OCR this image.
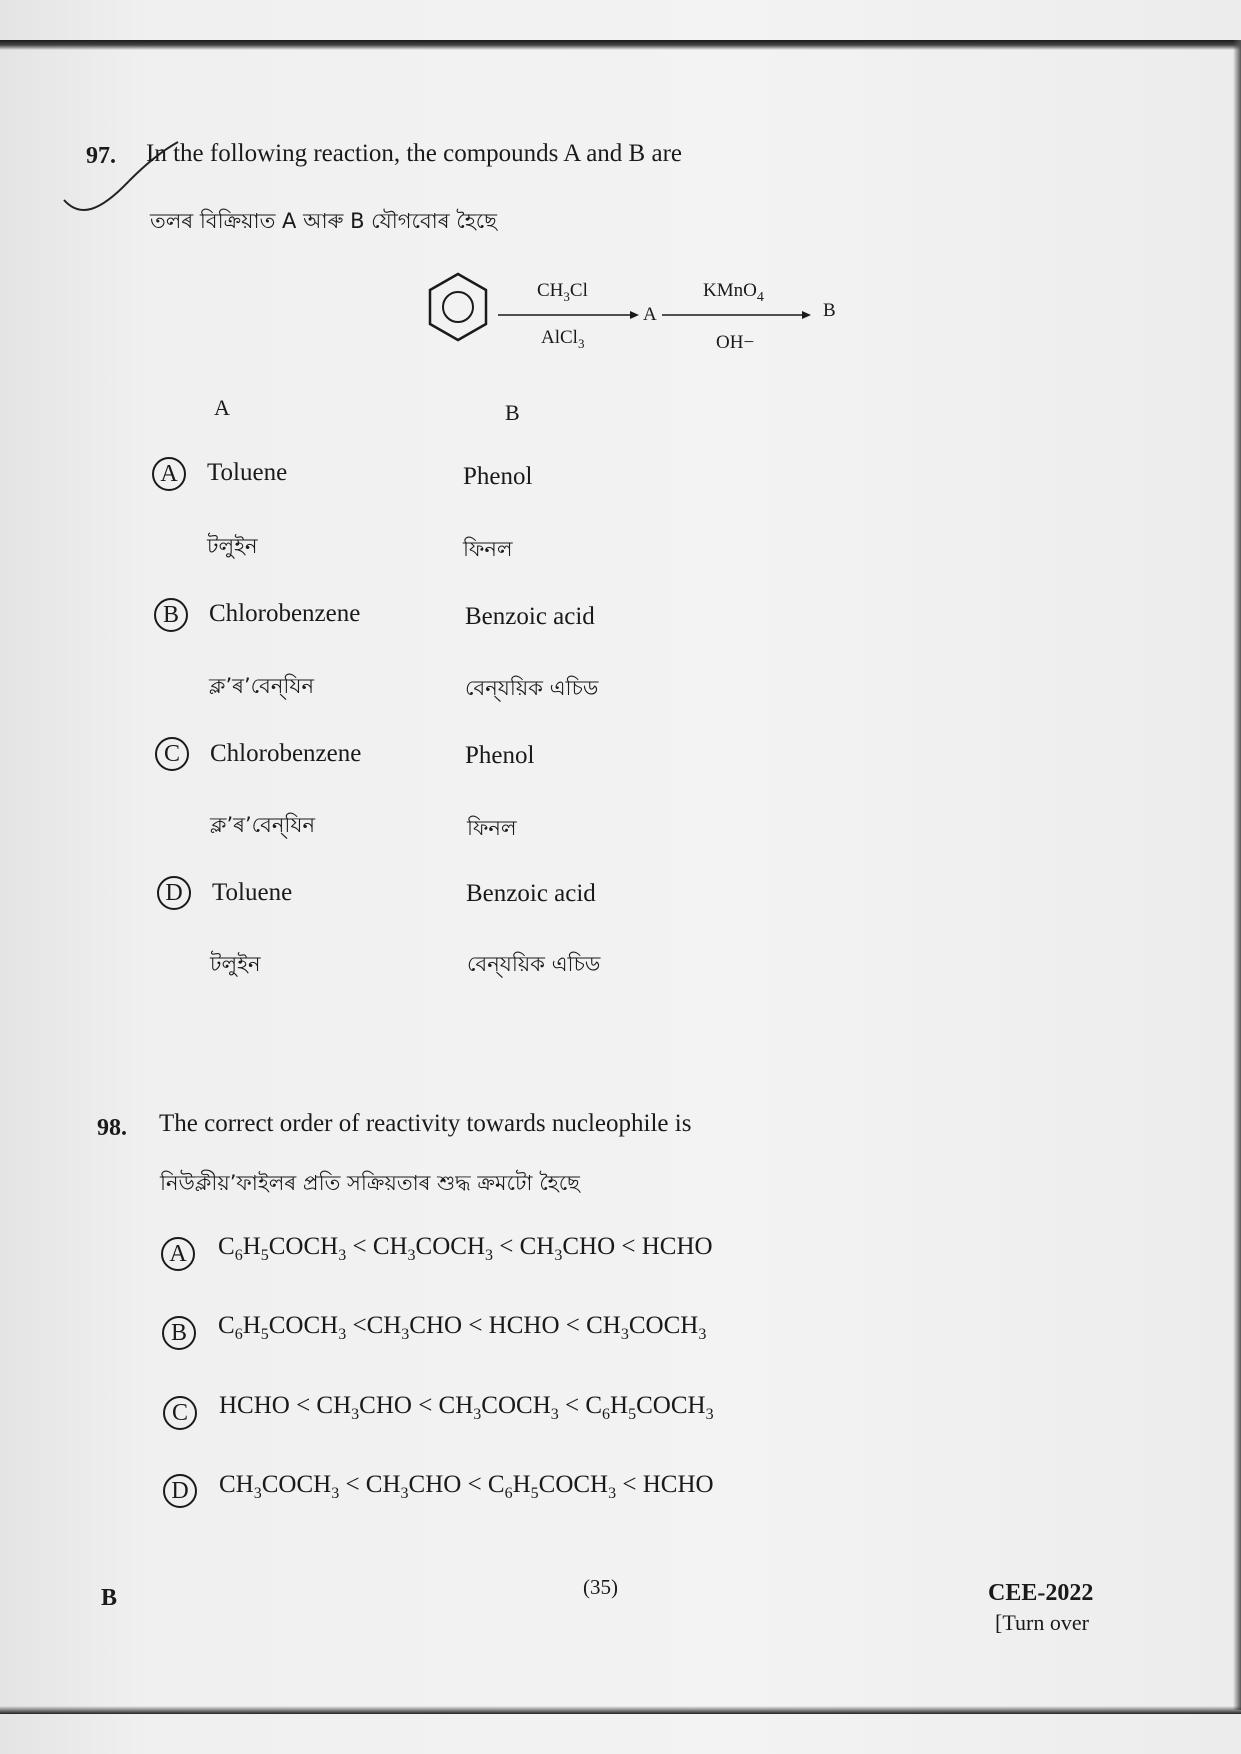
97. In the following reaction, the compounds A and B are
তলৰ বিক্ৰিয়াত A আৰু B যৌগবোৰ হৈছে
$CH_3Cl$
AlCl$_3$
A
KMnO$_4$
OH−
B
A	B
A	Toluene	Phenol
টলুইন	ফিনল
B	Chlorobenzene	Benzoic acid
ক্ল’ৰ’বেন্‌যিন	বেন্‌যয়িক এচিড
C	Chlorobenzene	Phenol
ক্ল’ৰ’বেন্‌যিন	ফিনল
D	Toluene	Benzoic acid
টলুইন	বেন্‌যয়িক এচিড
98. The correct order of reactivity towards nucleophile is
নিউক্লীয়’ফাইলৰ প্ৰতি সক্ৰিয়তাৰ শুদ্ধ ক্ৰমটো হৈছে
A	$C_6H_5COCH_3$ < $CH_3COCH_3 < CH_3CHO$ < HCHO
B	$C_6H_5COCH_3 <CH_3CHO$ < HCHO < $CH_3COCH_3$
C	HCHO < $CH_3CHO$ < $CH_3COCH_3$ < $C_6H_5COCH_3$
D	$CH_3COCH_3 < CH_3CHO$ < $C_6H_5COCH_3$ < HCHO
B	(35)	CEE-2022
[Turn over
